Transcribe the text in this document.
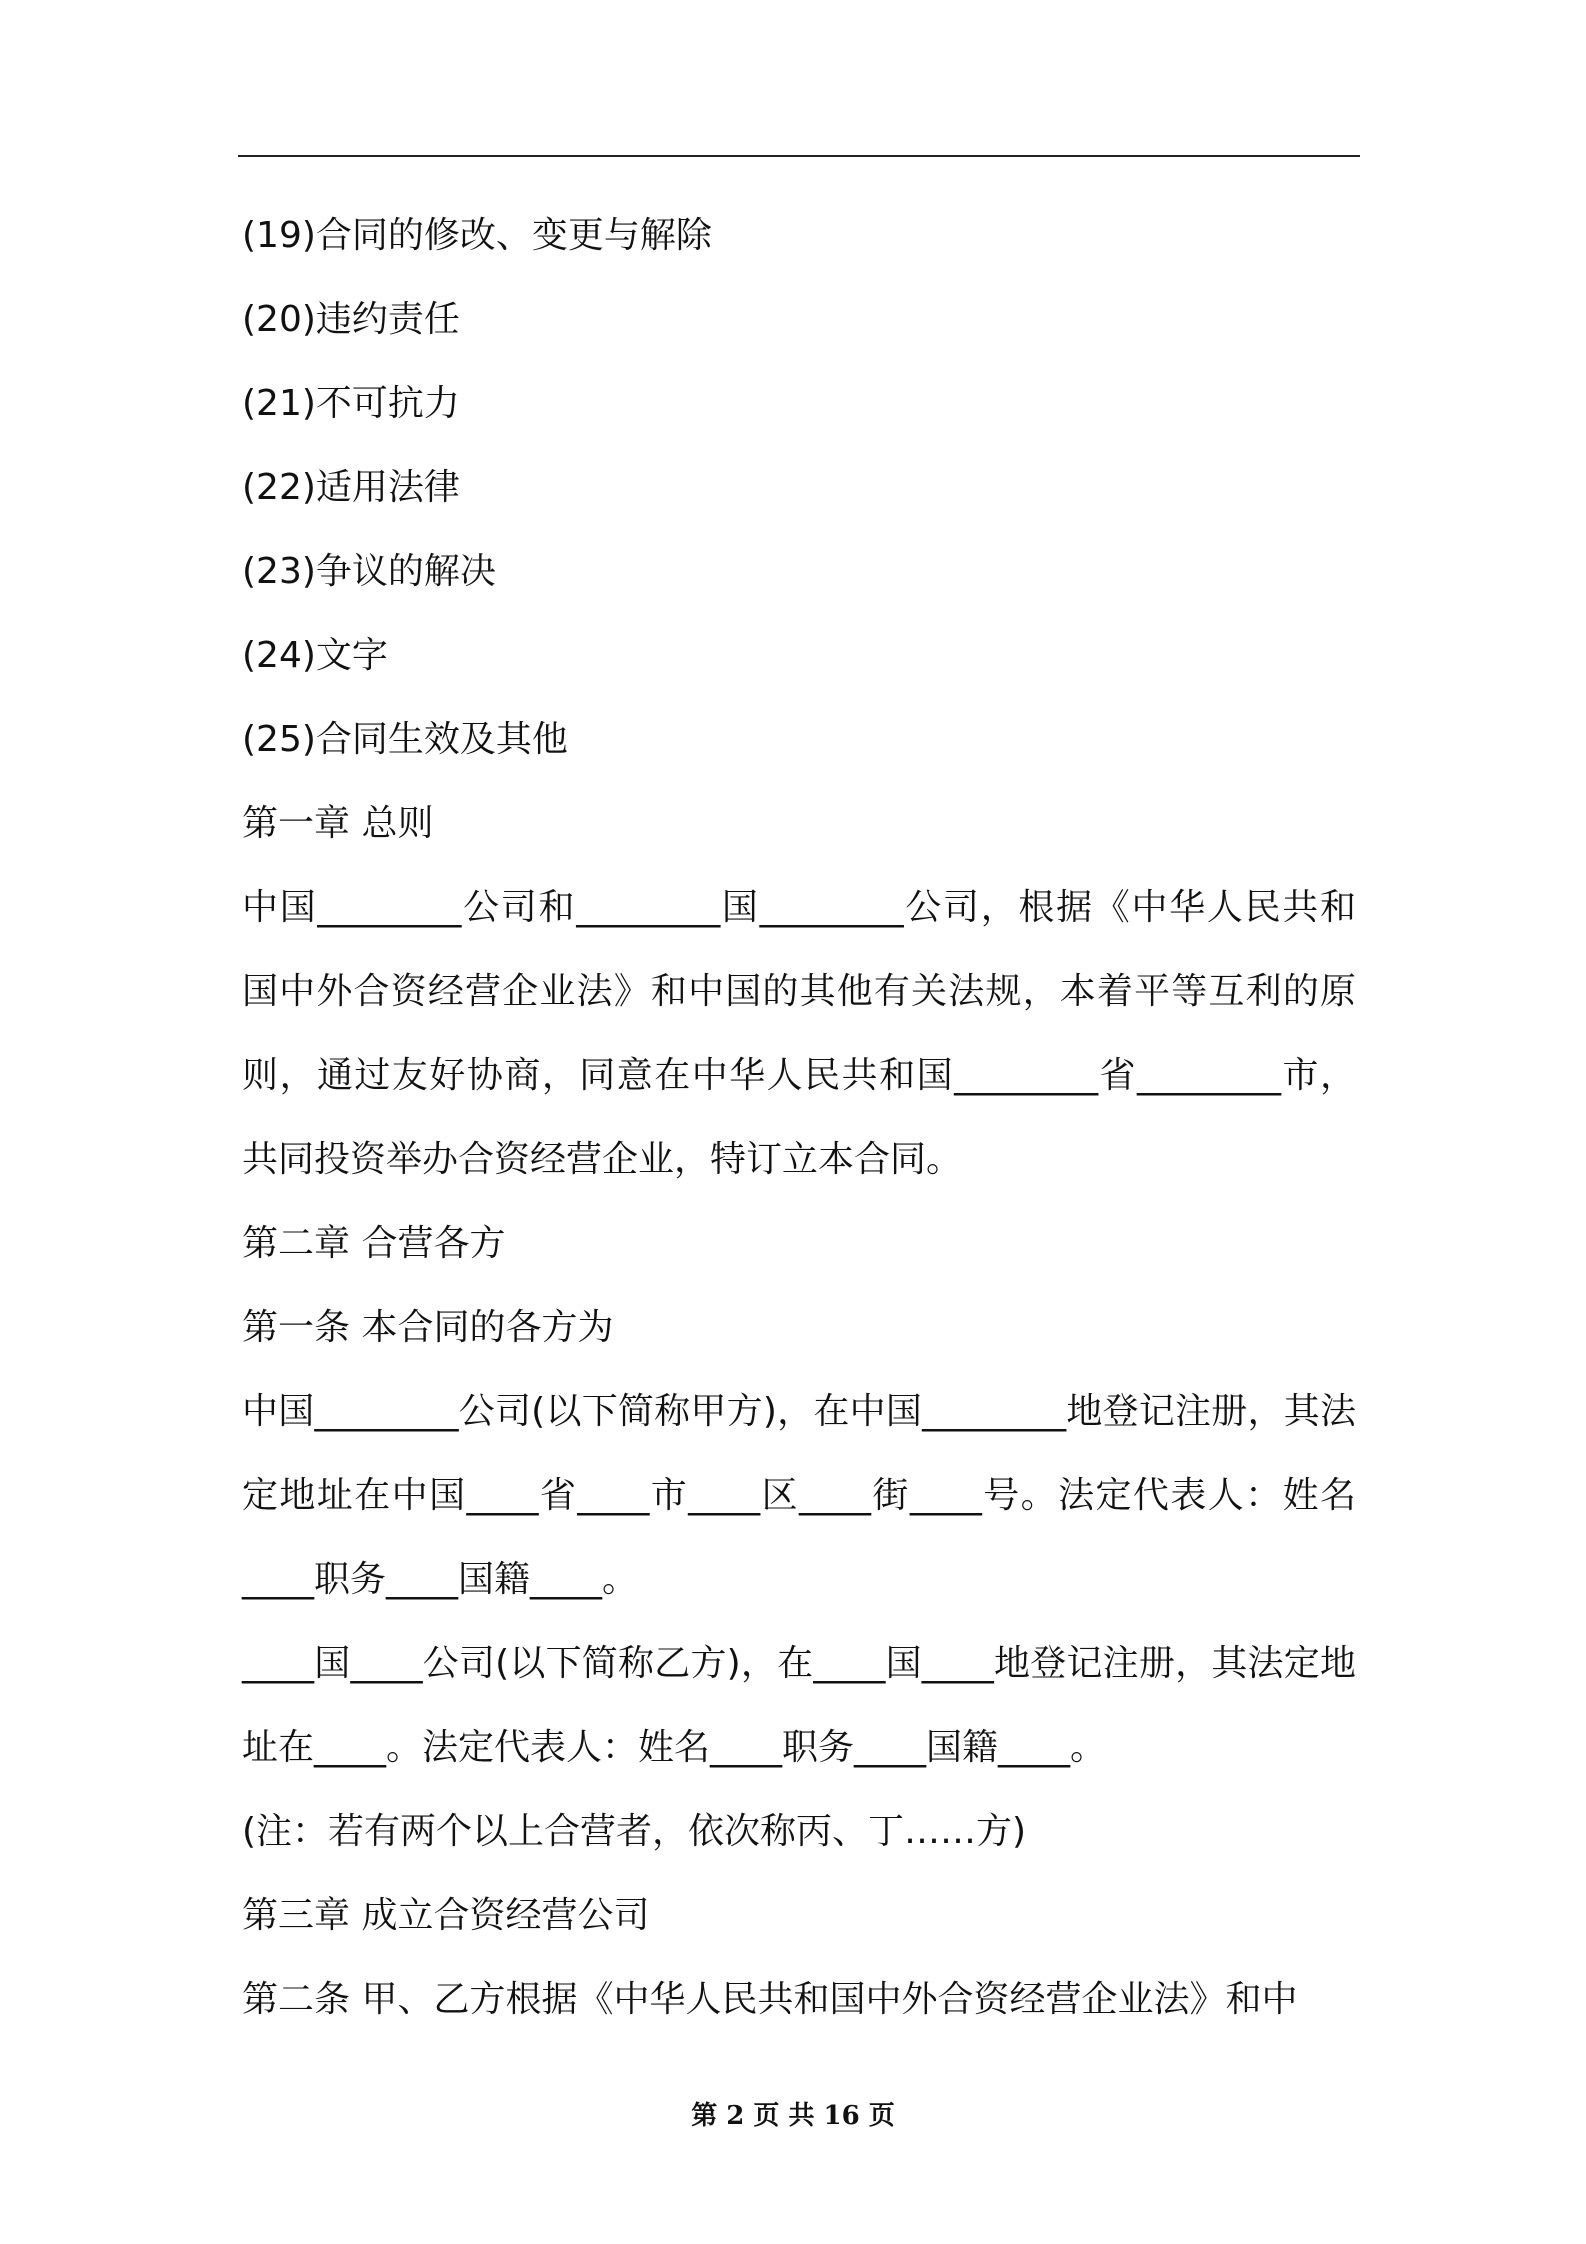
(19)合同的修改、变更与解除
(20)违约责任
(21)不可抗力
(22)适用法律
(23)争议的解决
(24)文字
(25)合同生效及其他
第一章 总则
中国________公司和________国________公司，根据《中华人民共和国中外合资经营企业法》和中国的其他有关法规，本着平等互利的原则，通过友好协商，同意在中华人民共和国________省________市，共同投资举办合资经营企业，特订立本合同。
第二章 合营各方
第一条 本合同的各方为
中国________公司(以下简称甲方)，在中国________地登记注册，其法定地址在中国____省____市____区____街____号。法定代表人：姓名____职务____国籍____。
____国____公司(以下简称乙方)，在____国____地登记注册，其法定地址在____。法定代表人：姓名____职务____国籍____。
(注：若有两个以上合营者，依次称丙、丁……方)
第三章 成立合资经营公司
第二条 甲、乙方根据《中华人民共和国中外合资经营企业法》和中
第 2 页 共 16 页
